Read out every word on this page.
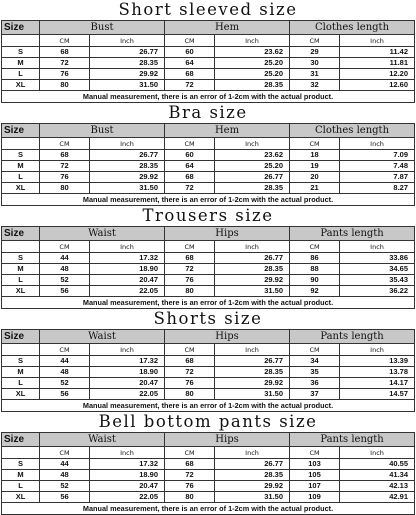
Short sleeved size
Size	Bust		Hem		Clothes length	
	CM	Inch	CM	Inch	CM	Inch
S	68	26.77	60	23.62	29	11.42
M	72	28.35	64	25.20	30	11.81
L	76	29.92	68	25.20	31	12.20
XL	80	31.50	72	28.35	32	12.60
Manual measurement, there is an error of 1-2cm with the actual product.						
Bra size
Size	Bust		Hem		Clothes length	
	CM	Inch	CM	Inch	CM	Inch
S	68	26.77	60	23.62	18	7.09
M	72	28.35	64	25.20	19	7.48
L	76	29.92	68	26.77	20	7.87
XL	80	31.50	72	28.35	21	8.27
Manual measurement, there is an error of 1-2cm with the actual product.						
Trousers size
Size	Waist		Hips		Pants length	
	CM	Inch	CM	Inch	CM	Inch
S	44	17.32	68	26.77	86	33.86
M	48	18.90	72	28.35	88	34.65
L	52	20.47	76	29.92	90	35.43
XL	56	22.05	80	31.50	92	36.22
Manual measurement, there is an error of 1-2cm with the actual product.						
Shorts size
Size	Waist		Hips		Pants length	
	CM	Inch	CM	Inch	CM	Inch
S	44	17.32	68	26.77	34	13.39
M	48	18.90	72	28.35	35	13.78
L	52	20.47	76	29.92	36	14.17
XL	56	22.05	80	31.50	37	14.57
Manual measurement, there is an error of 1-2cm with the actual product.						
Bell bottom pants size
Size	Waist		Hips		Pants length	
	CM	Inch	CM	Inch	CM	Inch
S	44	17.32	68	26.77	103	40.55
M	48	18.90	72	28.35	105	41.34
L	52	20.47	76	29.92	107	42.13
XL	56	22.05	80	31.50	109	42.91
Manual measurement, there is an error of 1-2cm with the actual product.						
